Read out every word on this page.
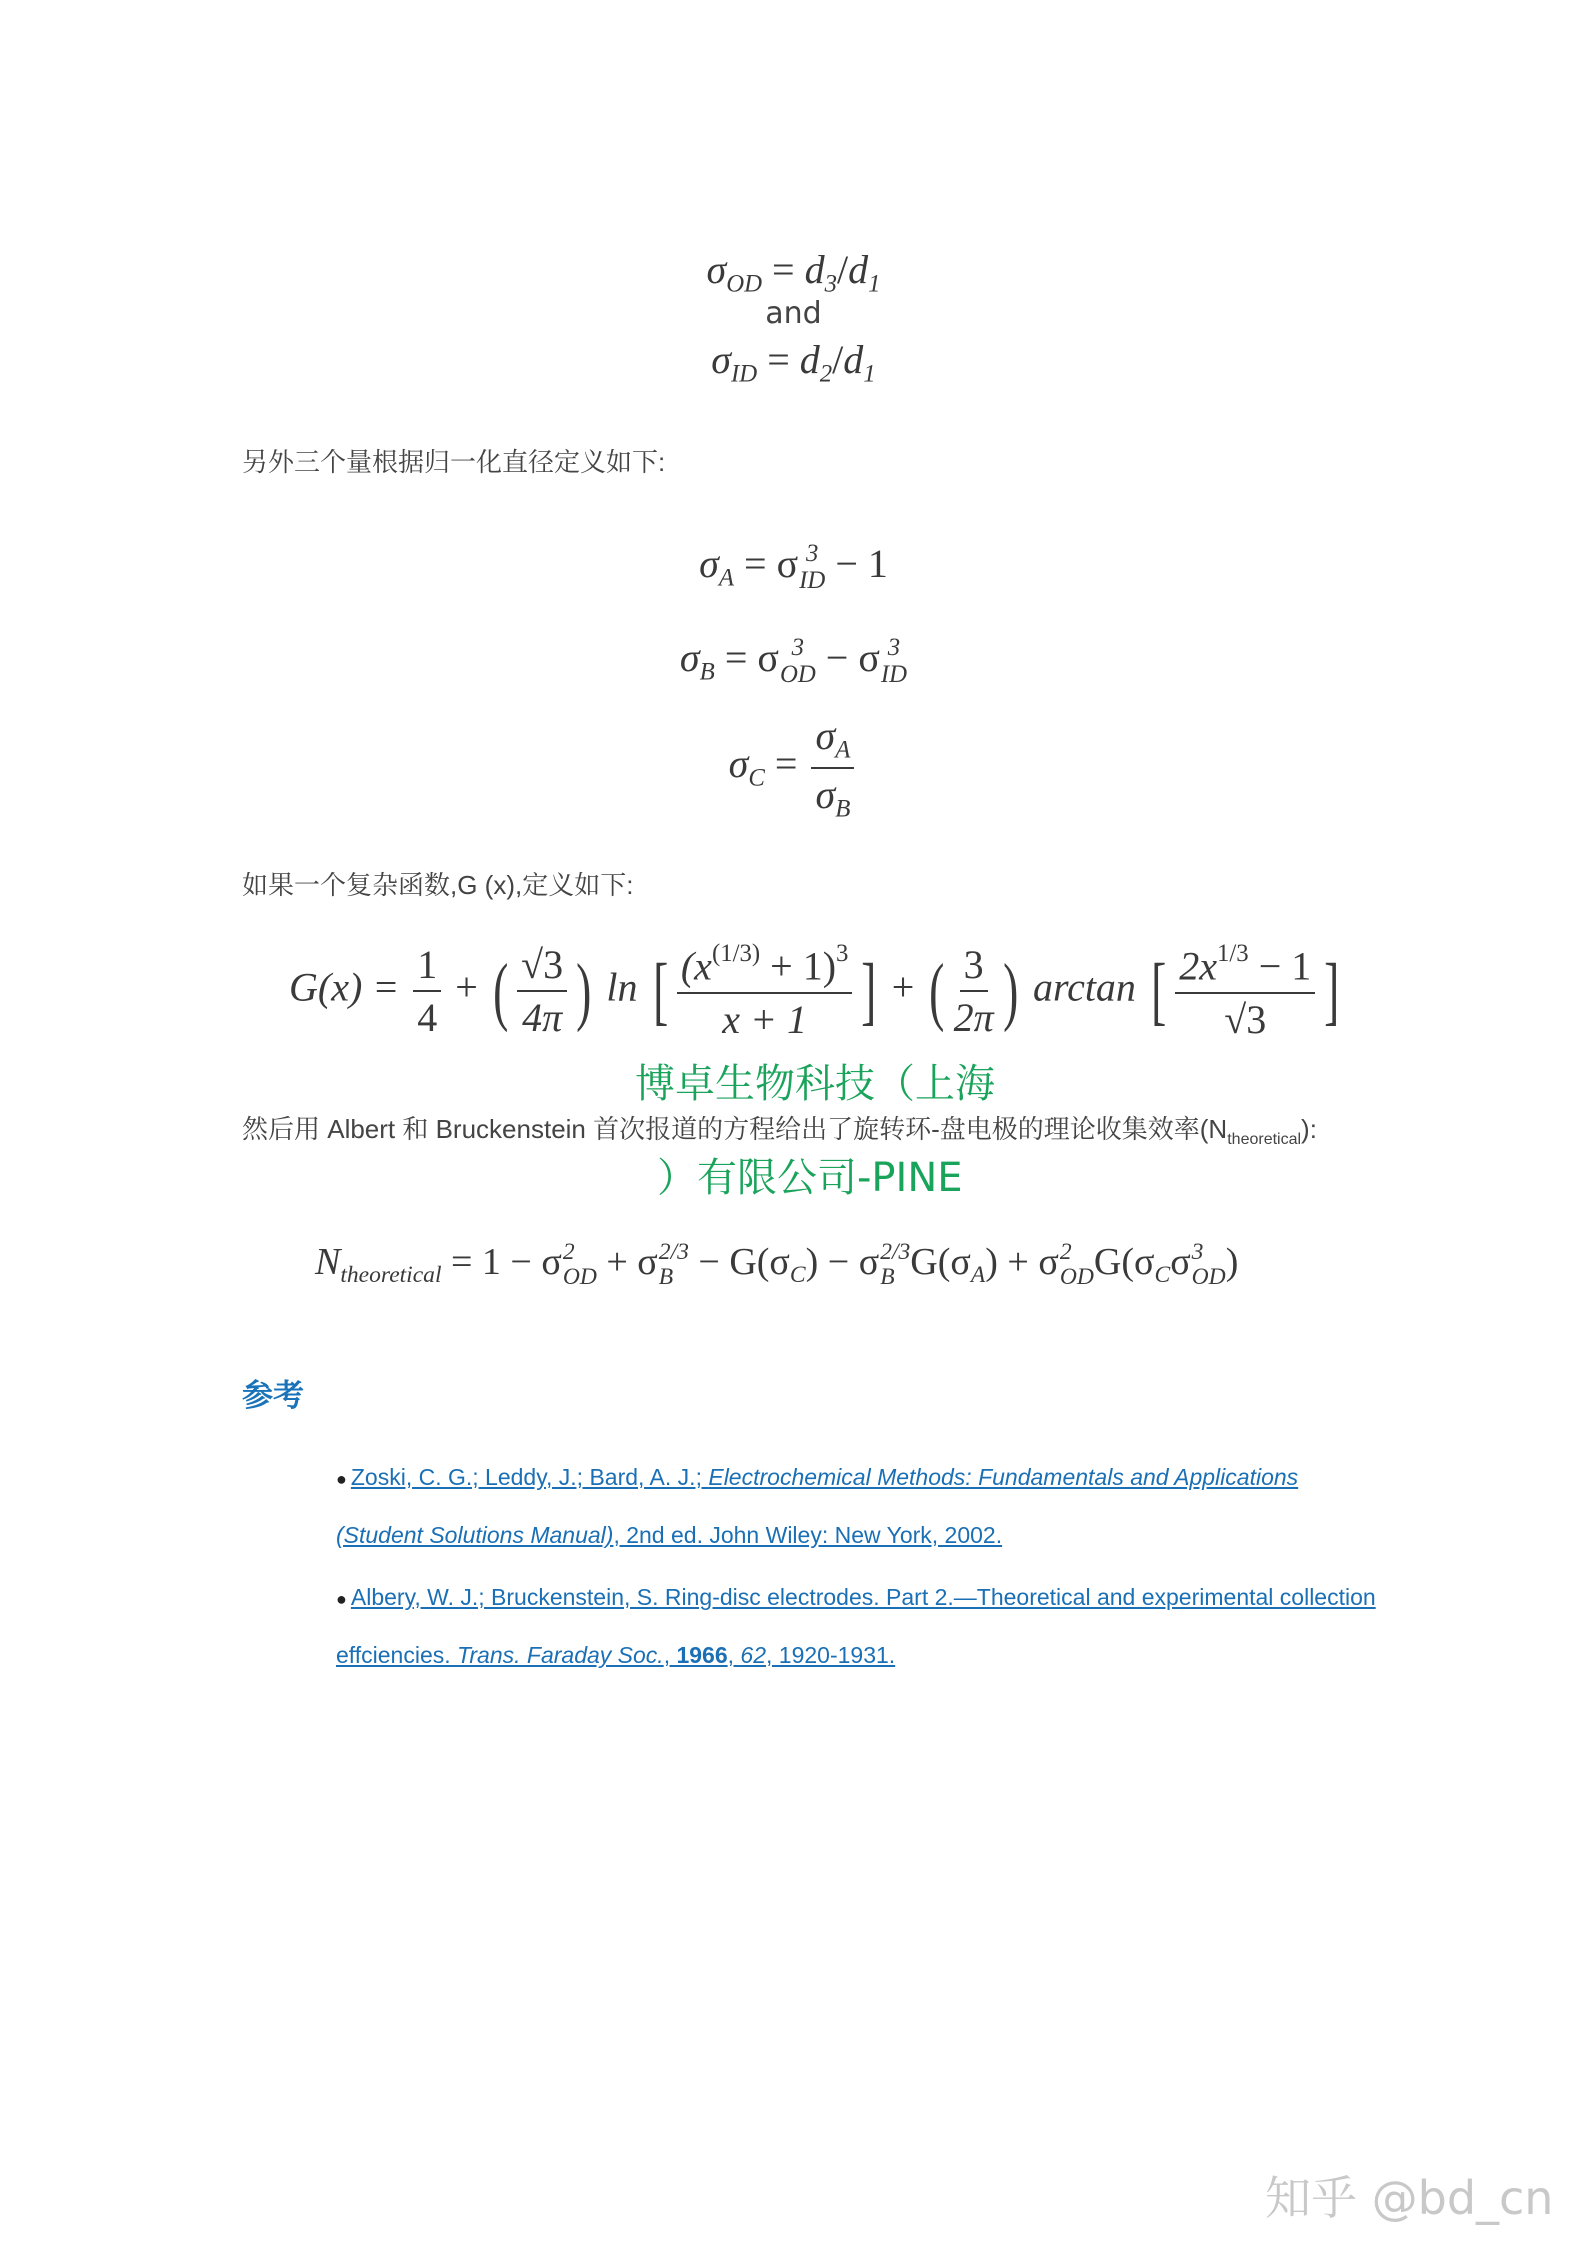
$\sigma_{OD} = d_3/d_1$
and
$\sigma_{ID} = d_2/d_1$
另外三个量根据归一化直径定义如下:
$\sigma_A = \sigma$ 3
ID − 1
$\sigma_B = \sigma$ 3
OD − σ 3
ID
$\sigma_C = \frac{\sigma_A}{\sigma_B}$
如果一个复杂函数,G (x),定义如下:
$G(x) = \frac{1}{4}$ + ( $\frac{√3}{4\pi}$ ) ln [ $\frac{(x^{(1/3)} + 1)^3}{x + 1}$ ] + ( $\frac{3}{2\pi}$ ) arctan [ $\frac{2x^{1/3} - 1}{√3}$ ]
博卓生物科技（上海
然后用 Albert 和 Bruckenstein 首次报道的方程给出了旋转环-盘电极的理论收集效率$(N_{theoretical})$:
）有限公司-PINE
$N_{theoretical} = 1 - \sigma$ 2
OD + σ 2/3
$B - G(\sigma_C) - \sigma$ 2/3
B $G(\sigma_A) + \sigma$ 2
OD $G(\sigma_C\sigma$ 3
OD )
参考
● Zoski, C. G.; Leddy, J.; Bard, A. J.; Electrochemical Methods: Fundamentals and Applications
(Student Solutions Manual), 2nd ed. John Wiley: New York, 2002.
● Albery, W. J.; Bruckenstein, S. Ring-disc electrodes. Part 2.—Theoretical and experimental collection
effciencies. Trans. Faraday Soc., 1966, 62, 1920-1931.
知乎 @bd_cn
